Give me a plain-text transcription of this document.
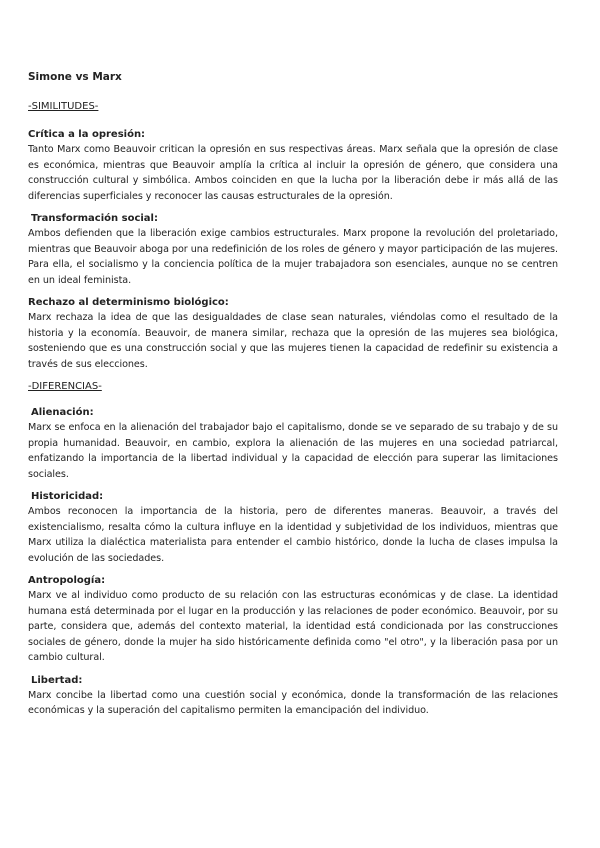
Simone vs Marx
-SIMILITUDES-
Crítica a la opresión:
Tanto Marx como Beauvoir critican la opresión en sus respectivas áreas. Marx señala que la opresión de clase es económica, mientras que Beauvoir amplía la crítica al incluir la opresión de género, que considera una construcción cultural y simbólica. Ambos coinciden en que la lucha por la liberación debe ir más allá de las diferencias superficiales y reconocer las causas estructurales de la opresión.
Transformación social:
Ambos defienden que la liberación exige cambios estructurales. Marx propone la revolución del proletariado, mientras que Beauvoir aboga por una redefinición de los roles de género y mayor participación de las mujeres. Para ella, el socialismo y la conciencia política de la mujer trabajadora son esenciales, aunque no se centren en un ideal feminista.
Rechazo al determinismo biológico:
Marx rechaza la idea de que las desigualdades de clase sean naturales, viéndolas como el resultado de la historia y la economía. Beauvoir, de manera similar, rechaza que la opresión de las mujeres sea biológica, sosteniendo que es una construcción social y que las mujeres tienen la capacidad de redefinir su existencia a través de sus elecciones.
-DIFERENCIAS-
Alienación:
Marx se enfoca en la alienación del trabajador bajo el capitalismo, donde se ve separado de su trabajo y de su propia humanidad. Beauvoir, en cambio, explora la alienación de las mujeres en una sociedad patriarcal, enfatizando la importancia de la libertad individual y la capacidad de elección para superar las limitaciones sociales.
Historicidad:
Ambos reconocen la importancia de la historia, pero de diferentes maneras. Beauvoir, a través del existencialismo, resalta cómo la cultura influye en la identidad y subjetividad de los individuos, mientras que Marx utiliza la dialéctica materialista para entender el cambio histórico, donde la lucha de clases impulsa la evolución de las sociedades.
Antropología:
Marx ve al individuo como producto de su relación con las estructuras económicas y de clase. La identidad humana está determinada por el lugar en la producción y las relaciones de poder económico. Beauvoir, por su parte, considera que, además del contexto material, la identidad está condicionada por las construcciones sociales de género, donde la mujer ha sido históricamente definida como "el otro", y la liberación pasa por un cambio cultural.
Libertad:
Marx concibe la libertad como una cuestión social y económica, donde la transformación de las relaciones económicas y la superación del capitalismo permiten la emancipación del individuo.
